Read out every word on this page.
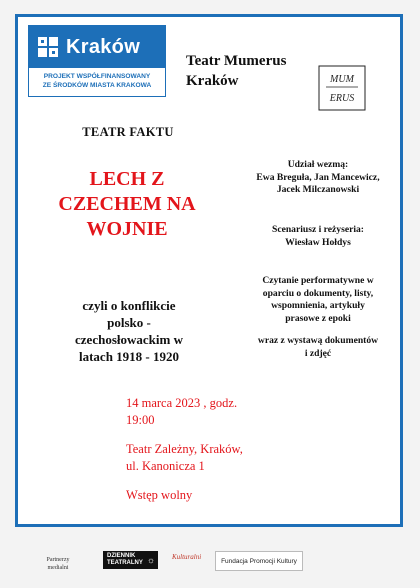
Kraków
PROJEKT WSPÓŁFINANSOWANY
ZE ŚRODKÓW MIASTA KRAKOWA
Teatr Mumerus
Kraków	MUM
ERUS
TEATR FAKTU
LECH Z
CZECHEM NA
WOJNIE
czyli o konflikcie
polsko -
czechosłowackim w
latach 1918 - 1920
Udział wezmą:
Ewa Breguła, Jan Mancewicz,
Jacek Milczanowski
Scenariusz i reżyseria:
Wiesław Hołdys
Czytanie performatywne w
oparciu o dokumenty, listy,
wspomnienia, artykuły
prasowe z epoki
wraz z wystawą dokumentów
i zdjęć
14 marca 2023 , godz.
19:00
Teatr Zależny, Kraków,
ul. Kanonicza 1
Wstęp wolny
Partnerzy
medialni
DZIENNIK
TEATRALNY ☼ Kulturalni	Fundacja Promocji Kultury
